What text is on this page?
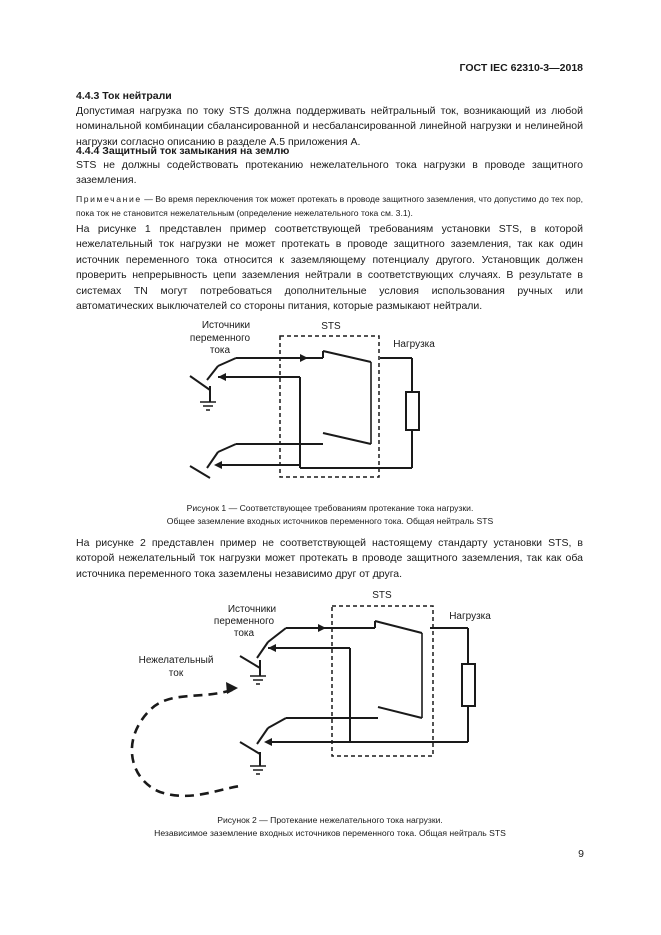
ГОСТ IEC 62310-3—2018
4.4.3 Ток нейтрали
Допустимая нагрузка по току STS должна поддерживать нейтральный ток, возникающий из любой номинальной комбинации сбалансированной и несбалансированной линейной нагрузки и нелинейной нагрузки согласно описанию в разделе А.5 приложения А.
4.4.4 Защитный ток замыкания на землю
STS не должны содействовать протеканию нежелательного тока нагрузки в проводе защитного заземления.
Примечание — Во время переключения ток может протекать в проводе защитного заземления, что допустимо до тех пор, пока ток не становится нежелательным (определение нежелательного тока см. 3.1).
На рисунке 1 представлен пример соответствующей требованиям установки STS, в которой нежелательный ток нагрузки не может протекать в проводе защитного заземления, так как один источник переменного тока относится к заземляющему потенциалу другого. Установщик должен проверить непрерывность цепи заземления нейтрали в соответствующих случаях. В результате в системах TN могут потребоваться дополнительные условия использования ручных или автоматических выключателей со стороны питания, которые размыкают нейтрали.
Источники
переменного
тока
STS
Нагрузка
Рисунок 1 — Соответствующее требованиям протекание тока нагрузки.
Общее заземление входных источников переменного тока. Общая нейтраль STS
На рисунке 2 представлен пример не соответствующей настоящему стандарту установки STS, в которой нежелательный ток нагрузки может протекать в проводе защитного заземления, так как оба источника переменного тока заземлены независимо друг от друга.
Источники
переменного
тока
STS
Нагрузка
Нежелательный
ток
Рисунок 2 — Протекание нежелательного тока нагрузки.
Независимое заземление входных источников переменного тока. Общая нейтраль STS
9
